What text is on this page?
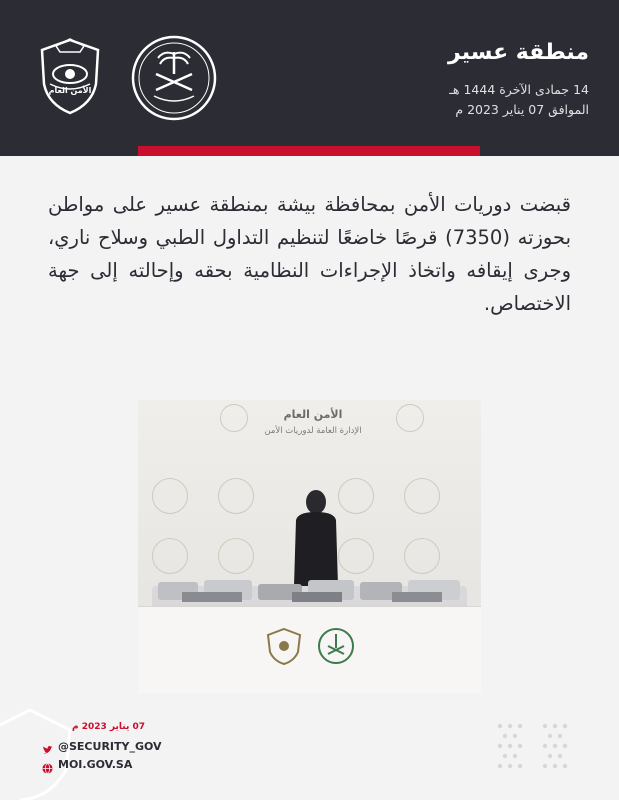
منطقة عسير
14 جمادى الآخرة 1444 هـ
الموافق 07 يناير 2023 م
الأمن العام
قبضت دوريات الأمن بمحافظة بيشة بمنطقة عسير على مواطن بحوزته (7350) قرصًا خاضعًا لتنظيم التداول الطبي وسلاح ناري، وجرى إيقافه واتخاذ الإجراءات النظامية بحقه وإحالته إلى جهة الاختصاص.
الأمن العام
الإدارة العامة لدوريات الأمن
07 يناير 2023 م
@SECURITY_GOV
MOI.GOV.SA
